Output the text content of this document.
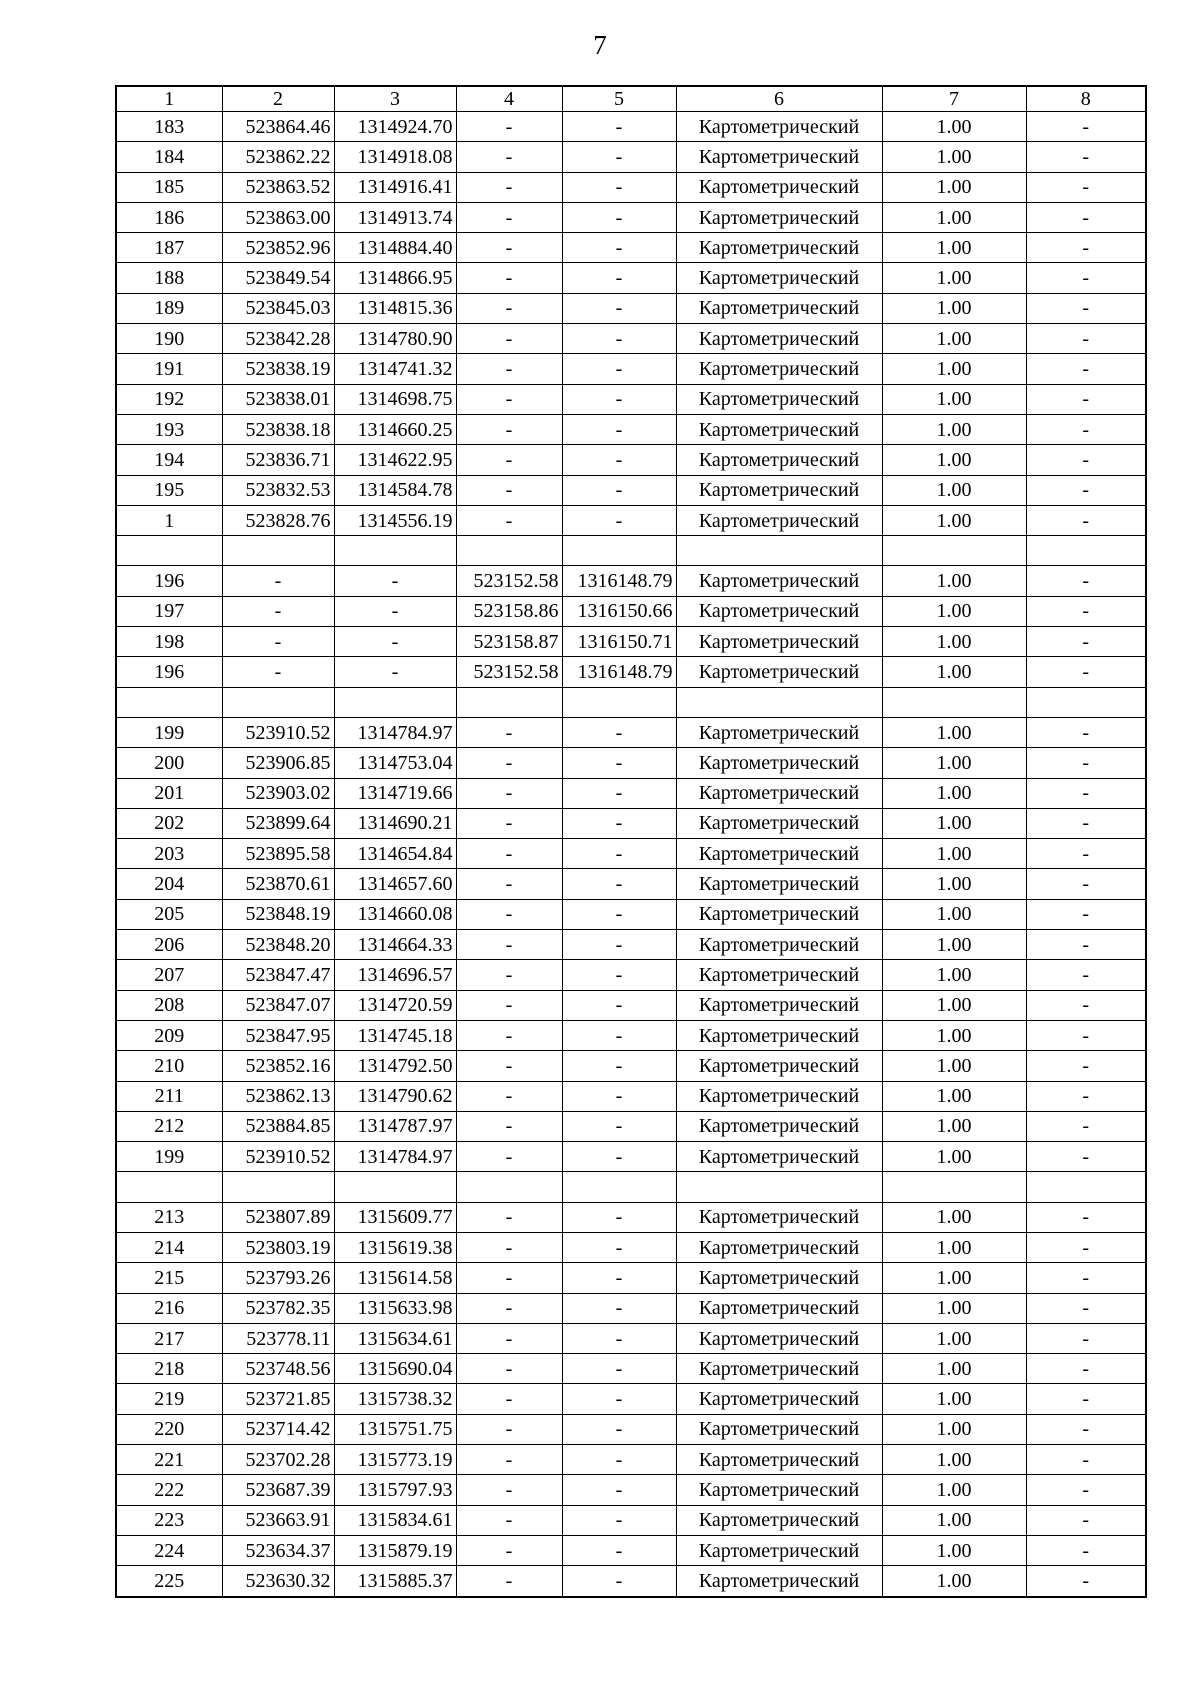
7
1	2	3	4	5	6	7	8
183	523864.46	1314924.70	-	-	Картометрический	1.00	-
184	523862.22	1314918.08	-	-	Картометрический	1.00	-
185	523863.52	1314916.41	-	-	Картометрический	1.00	-
186	523863.00	1314913.74	-	-	Картометрический	1.00	-
187	523852.96	1314884.40	-	-	Картометрический	1.00	-
188	523849.54	1314866.95	-	-	Картометрический	1.00	-
189	523845.03	1314815.36	-	-	Картометрический	1.00	-
190	523842.28	1314780.90	-	-	Картометрический	1.00	-
191	523838.19	1314741.32	-	-	Картометрический	1.00	-
192	523838.01	1314698.75	-	-	Картометрический	1.00	-
193	523838.18	1314660.25	-	-	Картометрический	1.00	-
194	523836.71	1314622.95	-	-	Картометрический	1.00	-
195	523832.53	1314584.78	-	-	Картометрический	1.00	-
1	523828.76	1314556.19	-	-	Картометрический	1.00	-

196	-	-	523152.58	1316148.79	Картометрический	1.00	-
197	-	-	523158.86	1316150.66	Картометрический	1.00	-
198	-	-	523158.87	1316150.71	Картометрический	1.00	-
196	-	-	523152.58	1316148.79	Картометрический	1.00	-

199	523910.52	1314784.97	-	-	Картометрический	1.00	-
200	523906.85	1314753.04	-	-	Картометрический	1.00	-
201	523903.02	1314719.66	-	-	Картометрический	1.00	-
202	523899.64	1314690.21	-	-	Картометрический	1.00	-
203	523895.58	1314654.84	-	-	Картометрический	1.00	-
204	523870.61	1314657.60	-	-	Картометрический	1.00	-
205	523848.19	1314660.08	-	-	Картометрический	1.00	-
206	523848.20	1314664.33	-	-	Картометрический	1.00	-
207	523847.47	1314696.57	-	-	Картометрический	1.00	-
208	523847.07	1314720.59	-	-	Картометрический	1.00	-
209	523847.95	1314745.18	-	-	Картометрический	1.00	-
210	523852.16	1314792.50	-	-	Картометрический	1.00	-
211	523862.13	1314790.62	-	-	Картометрический	1.00	-
212	523884.85	1314787.97	-	-	Картометрический	1.00	-
199	523910.52	1314784.97	-	-	Картометрический	1.00	-

213	523807.89	1315609.77	-	-	Картометрический	1.00	-
214	523803.19	1315619.38	-	-	Картометрический	1.00	-
215	523793.26	1315614.58	-	-	Картометрический	1.00	-
216	523782.35	1315633.98	-	-	Картометрический	1.00	-
217	523778.11	1315634.61	-	-	Картометрический	1.00	-
218	523748.56	1315690.04	-	-	Картометрический	1.00	-
219	523721.85	1315738.32	-	-	Картометрический	1.00	-
220	523714.42	1315751.75	-	-	Картометрический	1.00	-
221	523702.28	1315773.19	-	-	Картометрический	1.00	-
222	523687.39	1315797.93	-	-	Картометрический	1.00	-
223	523663.91	1315834.61	-	-	Картометрический	1.00	-
224	523634.37	1315879.19	-	-	Картометрический	1.00	-
225	523630.32	1315885.37	-	-	Картометрический	1.00	-
